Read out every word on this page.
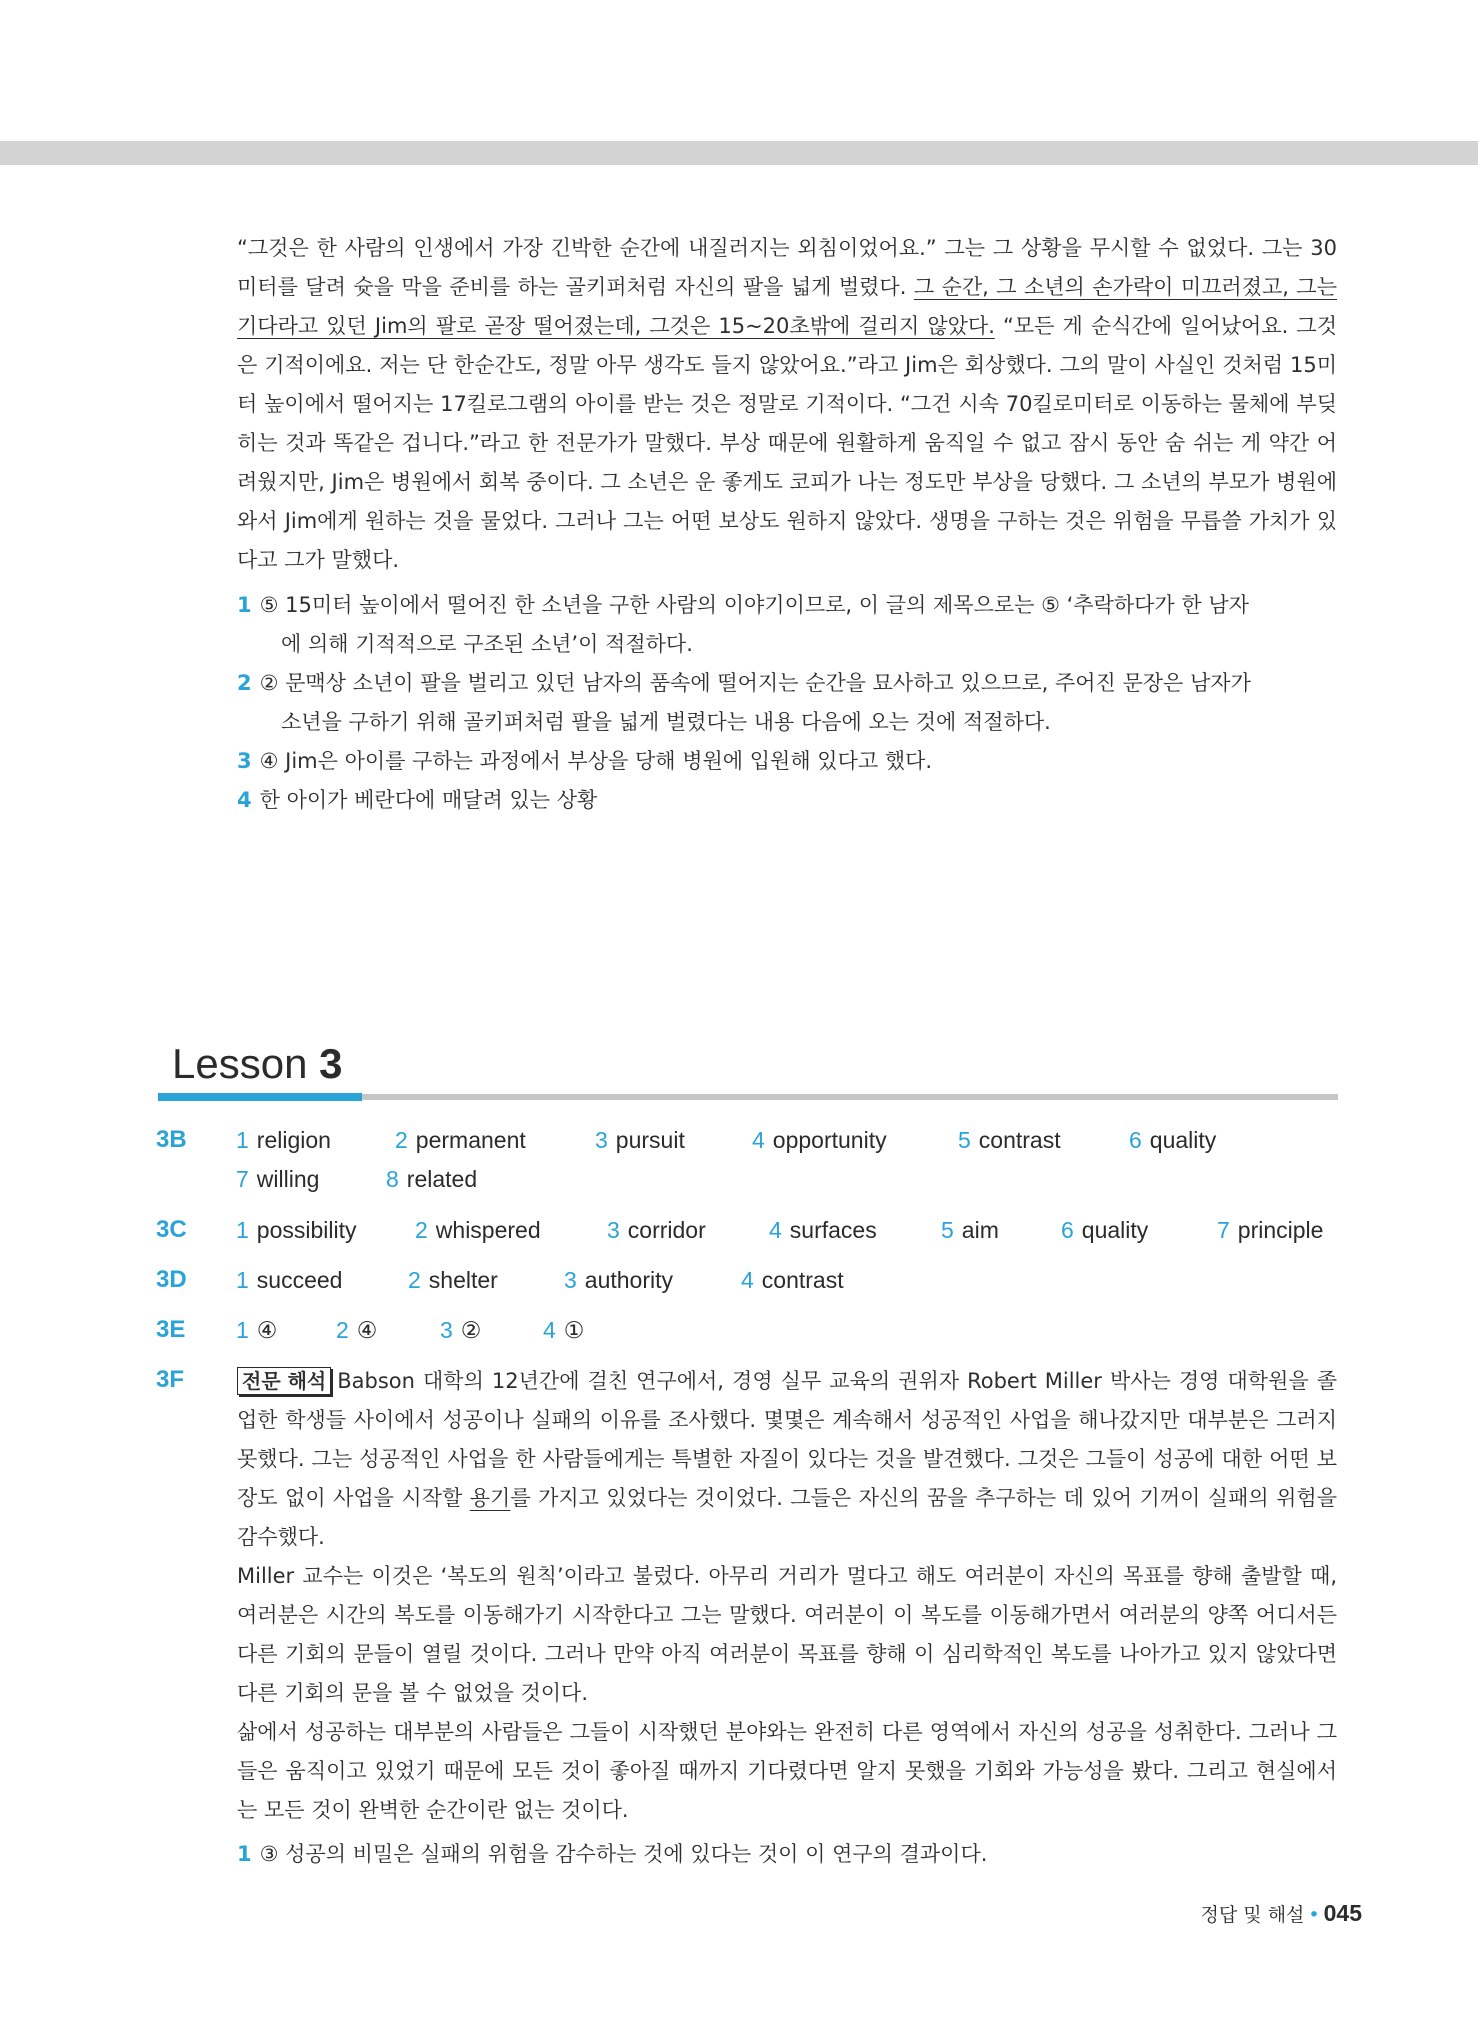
“그것은 한 사람의 인생에서 가장 긴박한 순간에 내질러지는 외침이었어요.” 그는 그 상황을 무시할 수 없었다. 그는 30미터를 달려 슛을 막을 준비를 하는 골키퍼처럼 자신의 팔을 넓게 벌렸다. 그 순간, 그 소년의 손가락이 미끄러졌고, 그는 기다라고 있던 Jim의 팔로 곧장 떨어졌는데, 그것은 15~20초밖에 걸리지 않았다. “모든 게 순식간에 일어났어요. 그것은 기적이에요. 저는 단 한순간도, 정말 아무 생각도 들지 않았어요.”라고 Jim은 회상했다. 그의 말이 사실인 것처럼 15미터 높이에서 떨어지는 17킬로그램의 아이를 받는 것은 정말로 기적이다. “그건 시속 70킬로미터로 이동하는 물체에 부딪히는 것과 똑같은 겁니다.”라고 한 전문가가 말했다. 부상 때문에 원활하게 움직일 수 없고 잠시 동안 숨 쉬는 게 약간 어려웠지만, Jim은 병원에서 회복 중이다. 그 소년은 운 좋게도 코피가 나는 정도만 부상을 당했다. 그 소년의 부모가 병원에 와서 Jim에게 원하는 것을 물었다. 그러나 그는 어떤 보상도 원하지 않았다. 생명을 구하는 것은 위험을 무릅쓸 가치가 있다고 그가 말했다.

1 ⑤ 15미터 높이에서 떨어진 한 소년을 구한 사람의 이야기이므로, 이 글의 제목으로는 ⑤ ‘추락하다가 한 남자
에 의해 기적적으로 구조된 소년’이 적절하다.
2 ② 문맥상 소년이 팔을 벌리고 있던 남자의 품속에 떨어지는 순간을 묘사하고 있으므로, 주어진 문장은 남자가
소년을 구하기 위해 골키퍼처럼 팔을 넓게 벌렸다는 내용 다음에 오는 것에 적절하다.
3 ④ Jim은 아이를 구하는 과정에서 부상을 당해 병원에 입원해 있다고 했다.
4 한 아이가 베란다에 매달려 있는 상황
Lesson 3
3B 1 religion	2 permanent	3 pursuit	4 opportunity	5 contrast	6 quality
7 willing	8 related
3C 1 possibility	2 whispered	3 corridor	4 surfaces	5 aim	6 quality	7 principle
3D 1 succeed	2 shelter	3 authority	4 contrast
3E 1 ④	2 ④	3 ②	4 ①
3F	전문 해석 Babson 대학의 12년간에 걸친 연구에서, 경영 실무 교육의 권위자 Robert Miller 박사는 경영 대학원을 졸업한 학생들 사이에서 성공이나 실패의 이유를 조사했다. 몇몇은 계속해서 성공적인 사업을 해나갔지만 대부분은 그러지 못했다. 그는 성공적인 사업을 한 사람들에게는 특별한 자질이 있다는 것을 발견했다. 그것은 그들이 성공에 대한 어떤 보장도 없이 사업을 시작할 용기를 가지고 있었다는 것이었다. 그들은 자신의 꿈을 추구하는 데 있어 기꺼이 실패의 위험을 감수했다.

Miller 교수는 이것은 ‘복도의 원칙’이라고 불렀다. 아무리 거리가 멀다고 해도 여러분이 자신의 목표를 향해 출발할 때, 여러분은 시간의 복도를 이동해가기 시작한다고 그는 말했다. 여러분이 이 복도를 이동해가면서 여러분의 양쪽 어디서든 다른 기회의 문들이 열릴 것이다. 그러나 만약 아직 여러분이 목표를 향해 이 심리학적인 복도를 나아가고 있지 않았다면 다른 기회의 문을 볼 수 없었을 것이다.

삶에서 성공하는 대부분의 사람들은 그들이 시작했던 분야와는 완전히 다른 영역에서 자신의 성공을 성취한다. 그러나 그들은 움직이고 있었기 때문에 모든 것이 좋아질 때까지 기다렸다면 알지 못했을 기회와 가능성을 봤다. 그리고 현실에서는 모든 것이 완벽한 순간이란 없는 것이다.

1 ③ 성공의 비밀은 실패의 위험을 감수하는 것에 있다는 것이 이 연구의 결과이다.
정답 및 해설 • 045
